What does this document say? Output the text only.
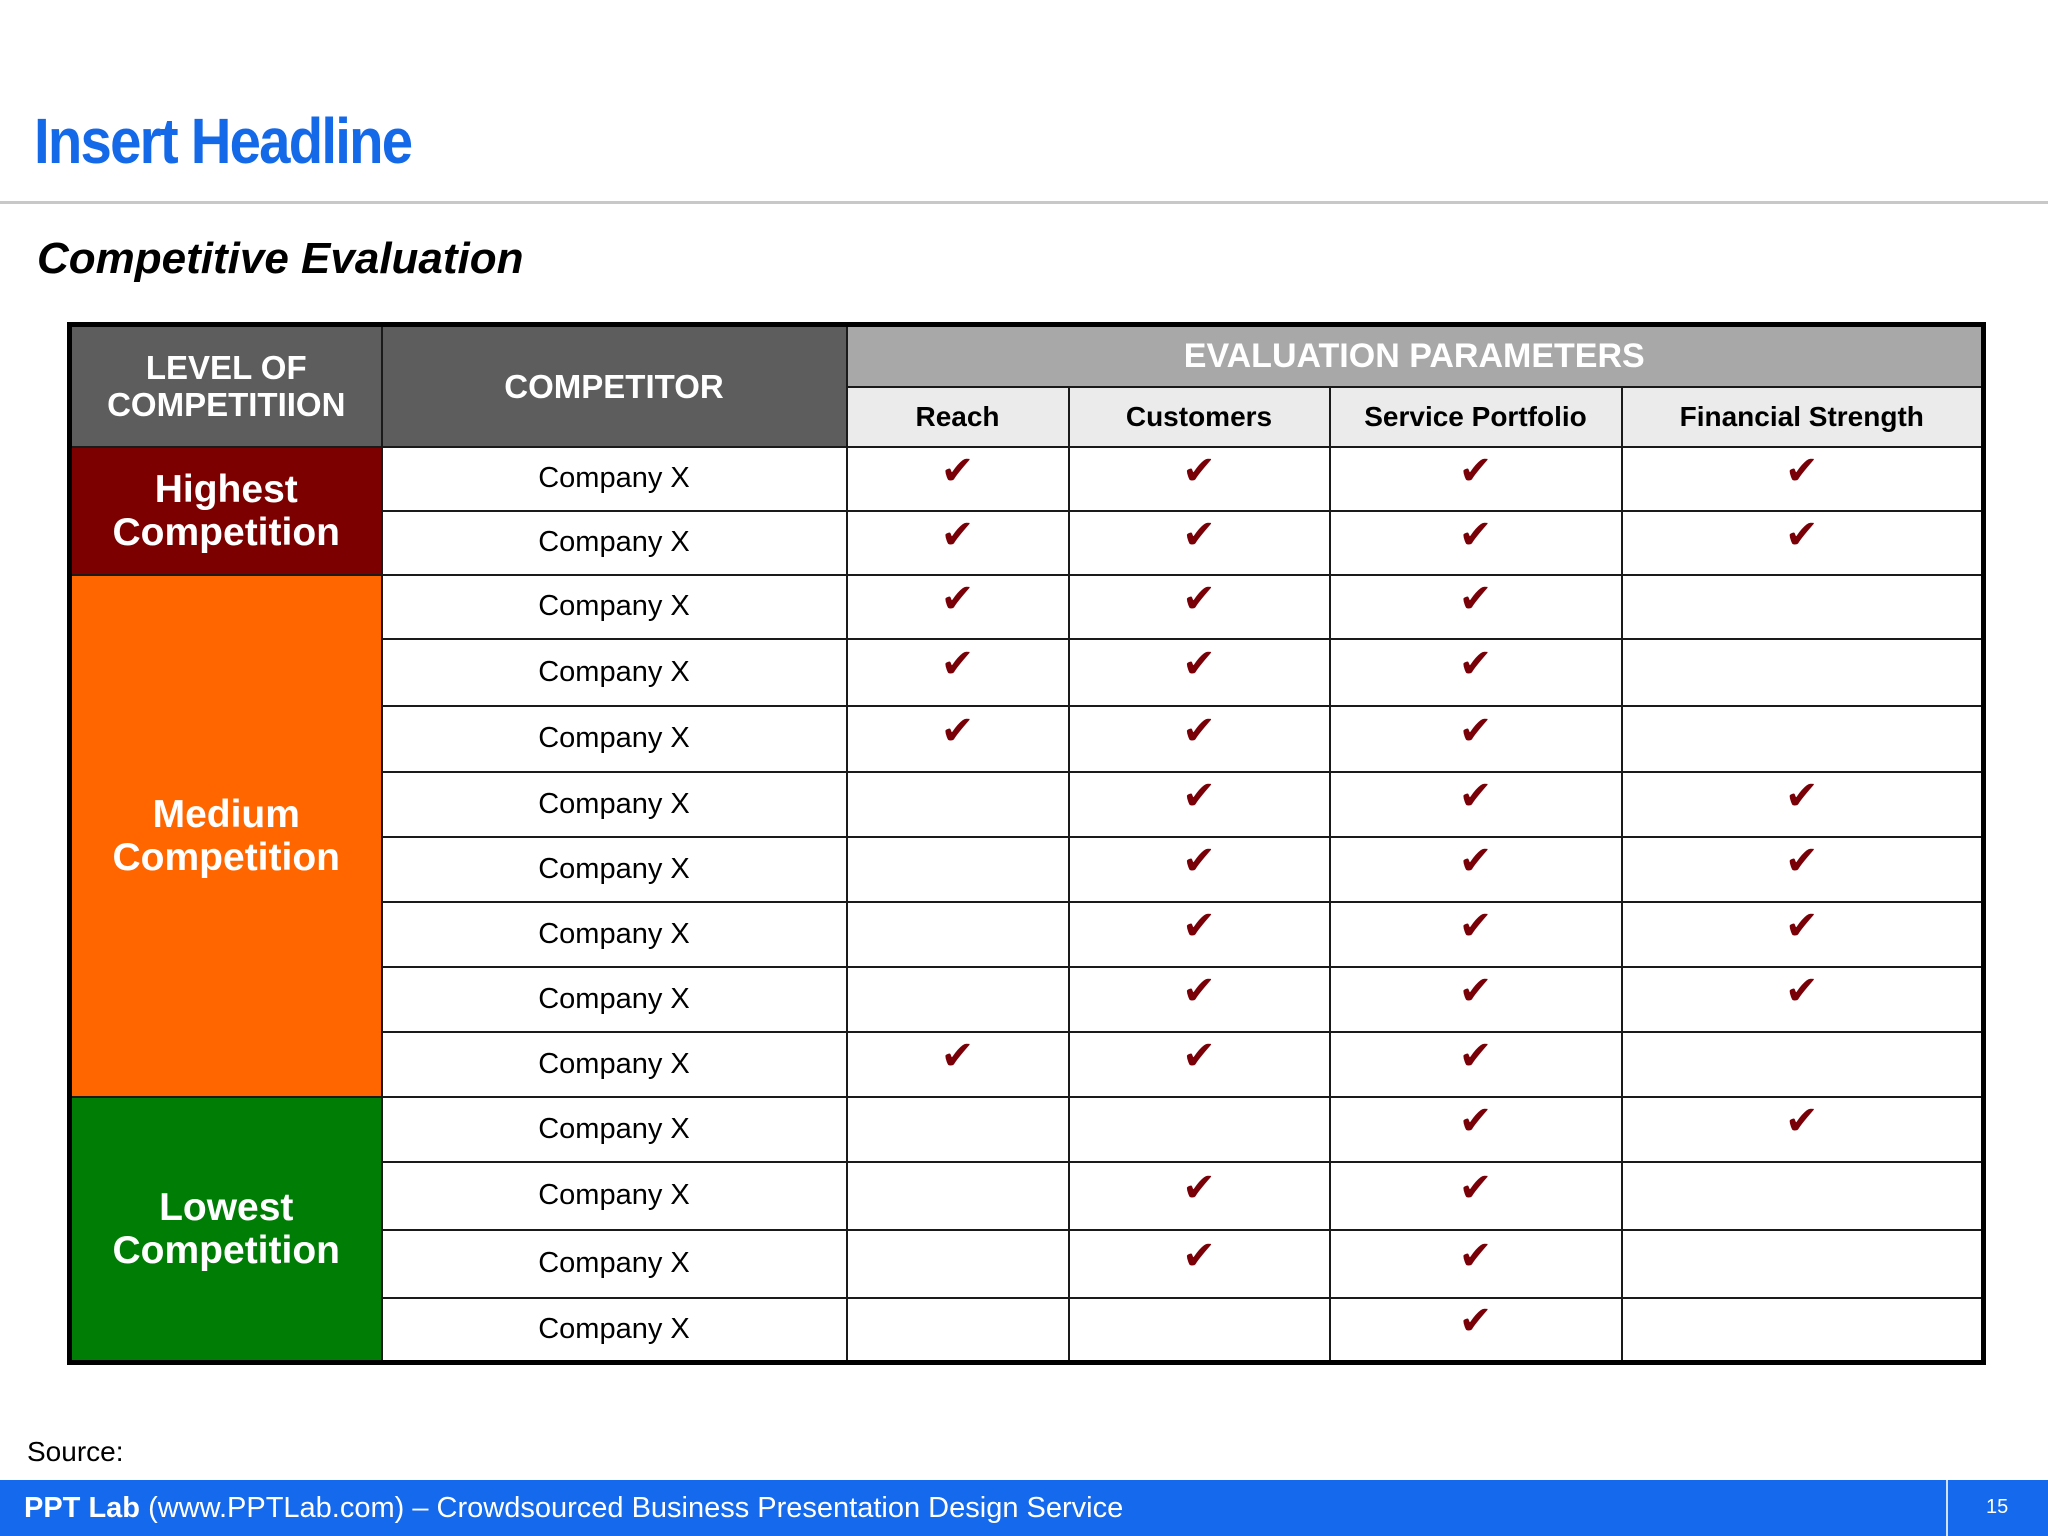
Insert Headline
Competitive Evaluation
LEVEL OF
COMPETITIION	COMPETITOR	EVALUATION PARAMETERS			
		Reach	Customers	Service Portfolio	Financial Strength
Highest
Competition	Company X	✔	✔	✔	✔
	Company X	✔	✔	✔	✔
Medium
Competition	Company X	✔	✔	✔	
	Company X	✔	✔	✔	
	Company X	✔	✔	✔	
	Company X		✔	✔	✔
	Company X		✔	✔	✔
	Company X		✔	✔	✔
	Company X		✔	✔	✔
	Company X	✔	✔	✔	
Lowest
Competition	Company X			✔	✔
	Company X		✔	✔	
	Company X		✔	✔	
	Company X			✔	
Source:
PPT Lab (www.PPTLab.com) – Crowdsourced Business Presentation Design Service	15
